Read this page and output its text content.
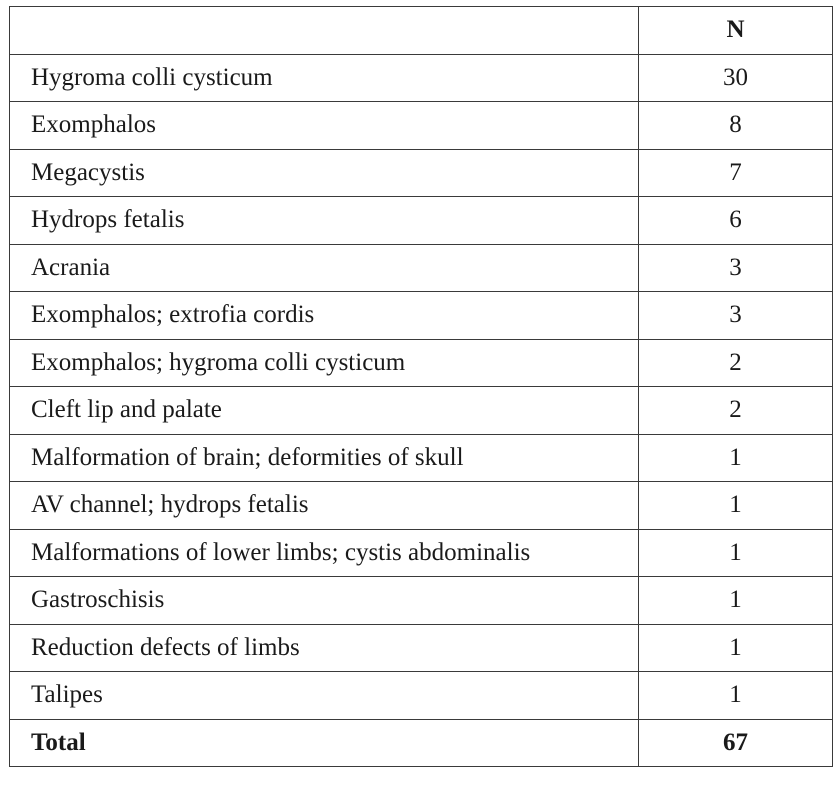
	N
Hygroma colli cysticum	30
Exomphalos	8
Megacystis	7
Hydrops fetalis	6
Acrania	3
Exomphalos; extrofia cordis	3
Exomphalos; hygroma colli cysticum	2
Cleft lip and palate	2
Malformation of brain; deformities of skull	1
AV channel; hydrops fetalis	1
Malformations of lower limbs; cystis abdominalis	1
Gastroschisis	1
Reduction defects of limbs	1
Talipes	1
Total	67
